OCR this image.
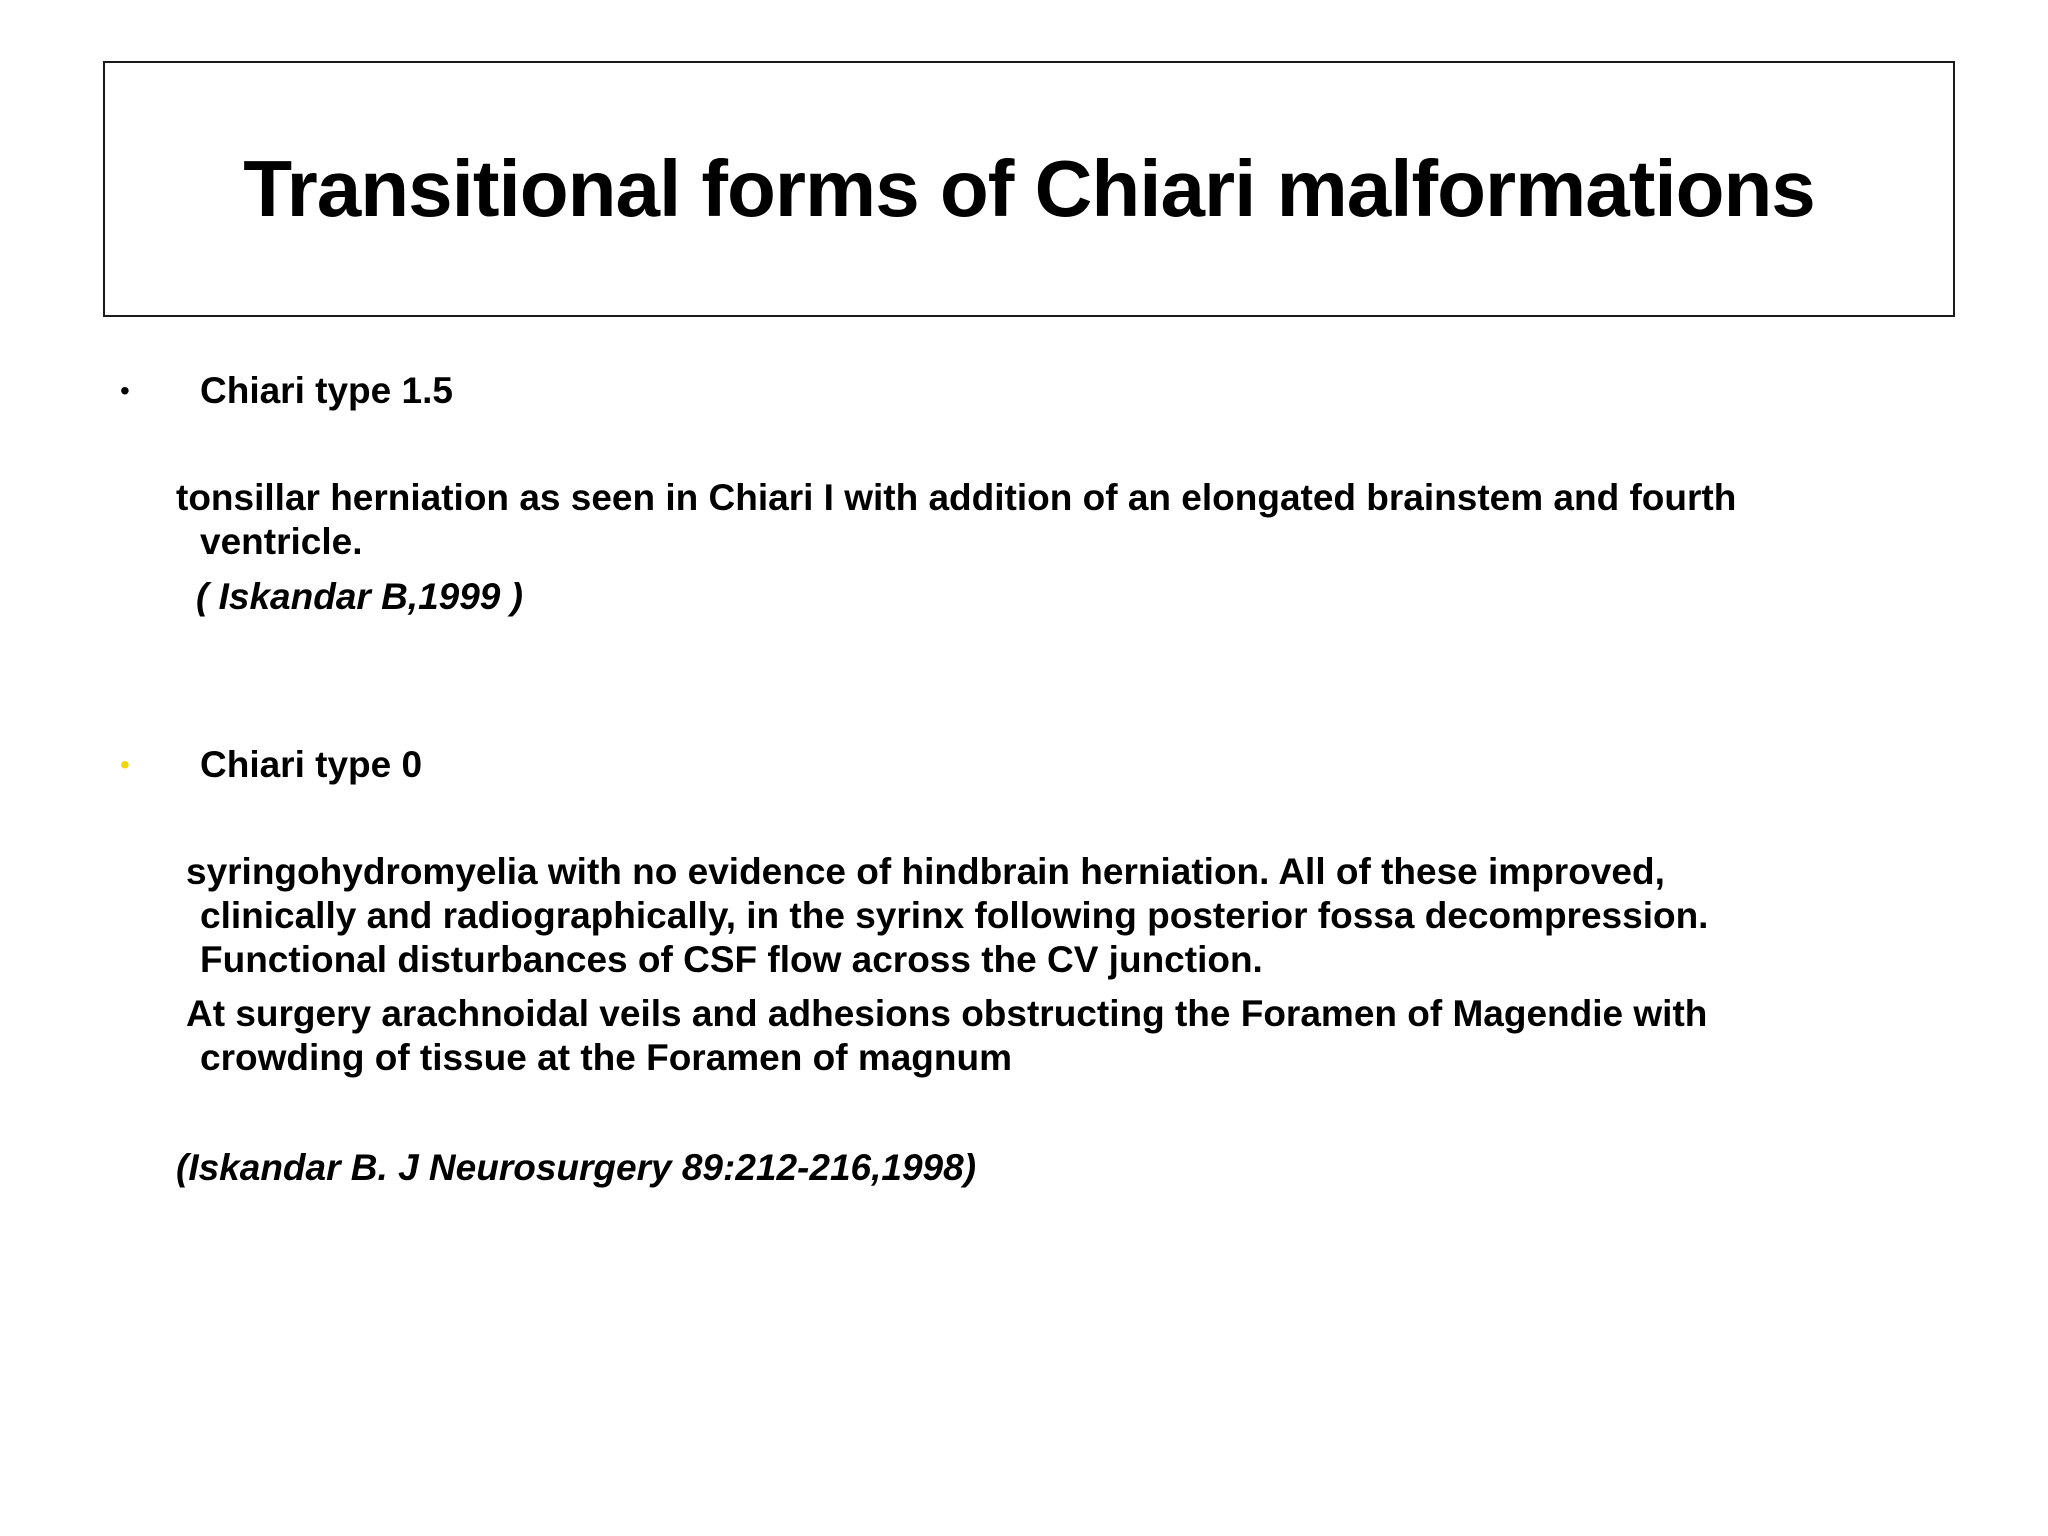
Transitional forms of Chiari malformations
•	Chiari type 1.5

tonsillar herniation as seen in Chiari I with addition of an elongated brainstem and fourth
ventricle.

( Iskandar B,1999 )

•	Chiari type 0

syringohydromyelia with no evidence of hindbrain herniation. All of these improved,
clinically and radiographically, in the syrinx following posterior fossa decompression.
Functional disturbances of CSF flow across the CV junction.

At surgery arachnoidal veils and adhesions obstructing the Foramen of Magendie with
crowding of tissue at the Foramen of magnum

(Iskandar B. J Neurosurgery 89:212-216,1998)
